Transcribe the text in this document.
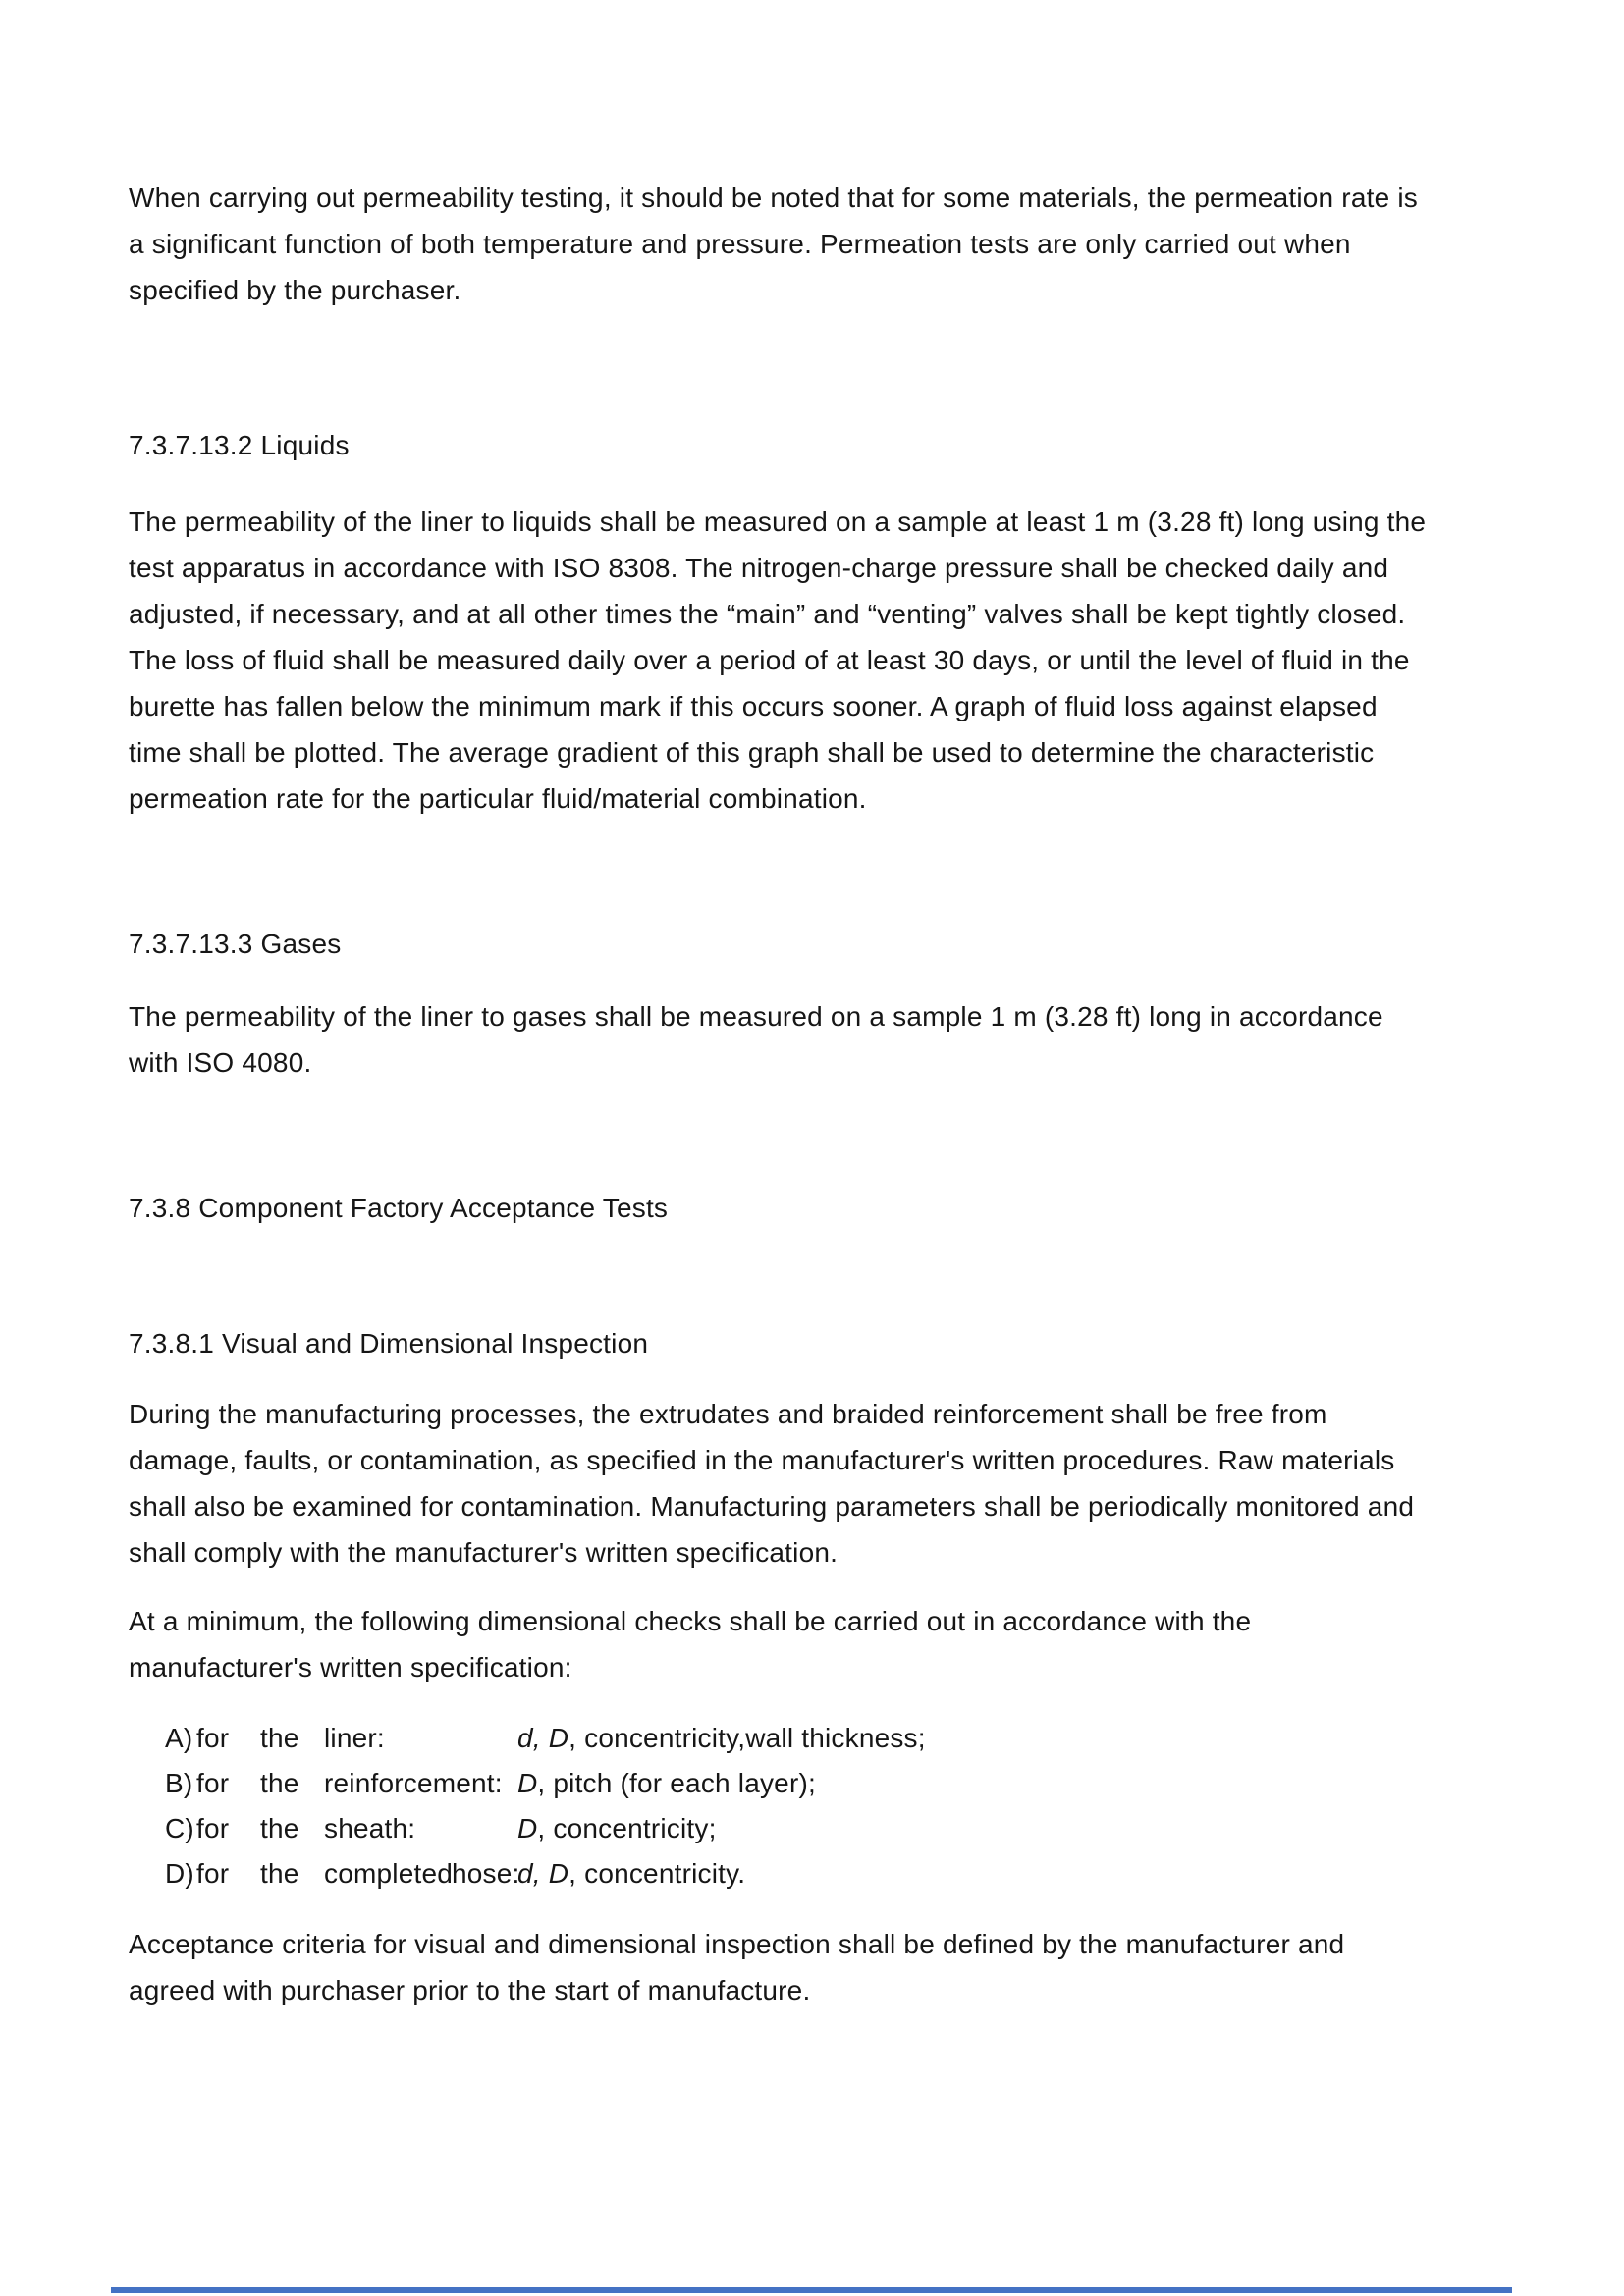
When carrying out permeability testing, it should be noted that for some materials, the permeation rate is a significant function of both temperature and pressure. Permeation tests are only carried out when specified by the purchaser.

7.3.7.13.2 Liquids

The permeability of the liner to liquids shall be measured on a sample at least 1 m (3.28 ft) long using the test apparatus in accordance with ISO 8308. The nitrogen-charge pressure shall be checked daily and adjusted, if necessary, and at all other times the “main” and “venting” valves shall be kept tightly closed. The loss of fluid shall be measured daily over a period of at least 30 days, or until the level of fluid in the burette has fallen below the minimum mark if this occurs sooner. A graph of fluid loss against elapsed time shall be plotted. The average gradient of this graph shall be used to determine the characteristic permeation rate for the particular fluid/material combination.

7.3.7.13.3 Gases

The permeability of the liner to gases shall be measured on a sample 1 m (3.28 ft) long in accordance with ISO 4080.

7.3.8 Component Factory Acceptance Tests
7.3.8.1 Visual and Dimensional Inspection

During the manufacturing processes, the extrudates and braided reinforcement shall be free from damage, faults, or contamination, as specified in the manufacturer's written procedures. Raw materials shall also be examined for contamination. Manufacturing parameters shall be periodically monitored and shall comply with the manufacturer's written specification.

At a minimum, the following dimensional checks shall be carried out in accordance with the manufacturer's written specification:

A) for the liner:	d, D , concentricity,wall thickness;
B) for the reinforcement: D , pitch (for each layer);
C) for the sheath:	D , concentricity;
D) for the completed hose:
d, D , concentricity.

Acceptance criteria for visual and dimensional inspection shall be defined by the manufacturer and agreed with purchaser prior to the start of manufacture.
